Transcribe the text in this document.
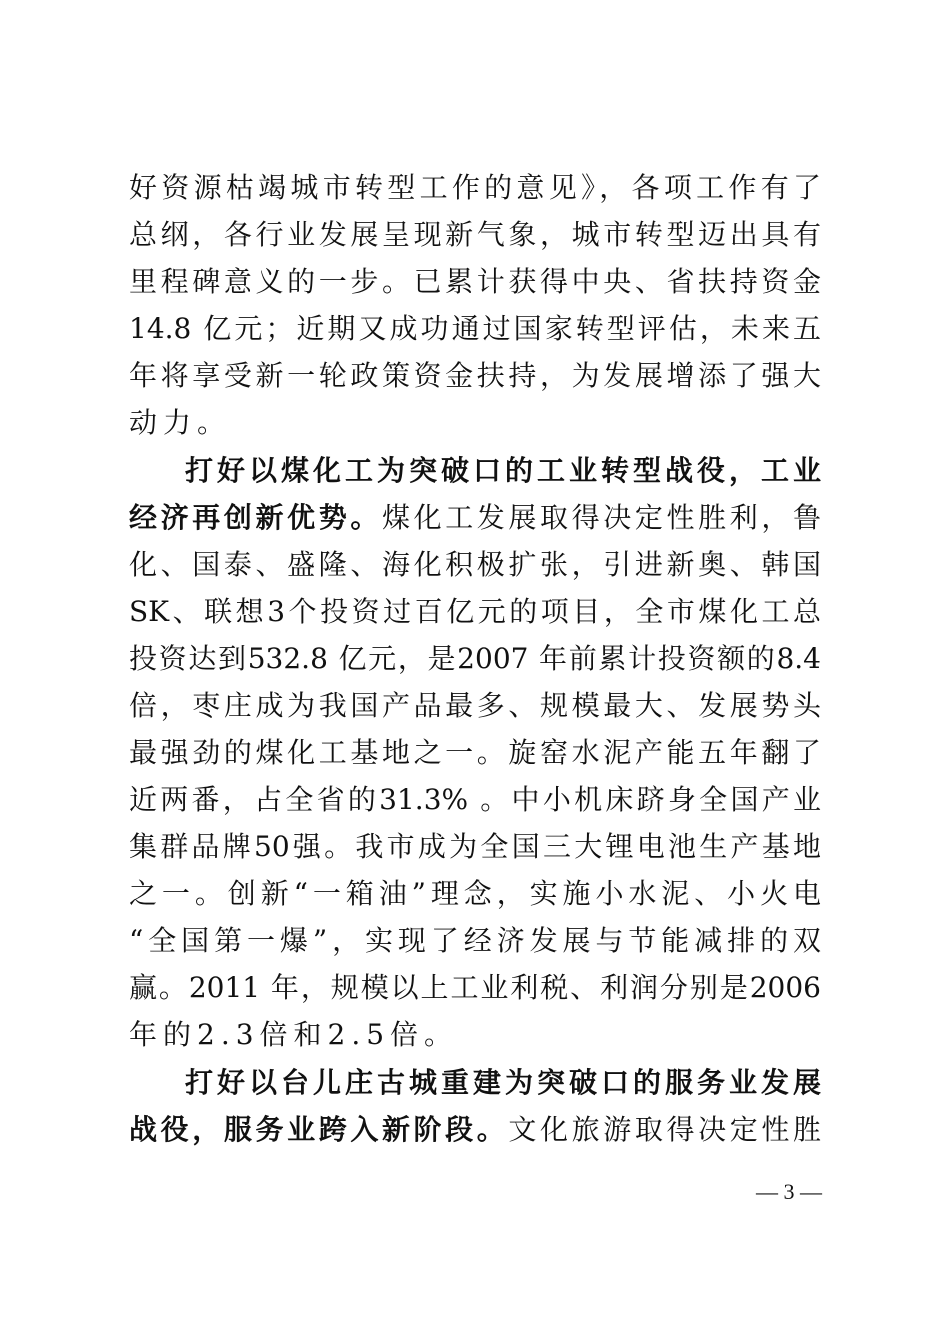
好资源枯竭城市转型工作的意见》，各项工作有了
总纲，各行业发展呈现新气象，城市转型迈出具有
里程碑意义的一步。已累计获得中央、省扶持资金
14.8 亿元；近期又成功通过国家转型评估，未来五
年将享受新一轮政策资金扶持，为发展增添了强大
动力。
打好以煤化工为突破口的工业转型战役，工业
经济再创新优势。煤化工发展取得决定性胜利，鲁
化、国泰、盛隆、海化积极扩张，引进新奥、韩国
SK、联想3个投资过百亿元的项目，全市煤化工总
投资达到532.8 亿元，是2007 年前累计投资额的8.4
倍，枣庄成为我国产品最多、规模最大、发展势头
最强劲的煤化工基地之一。旋窑水泥产能五年翻了
近两番，占全省的31.3% 。中小机床跻身全国产业
集群品牌50强。我市成为全国三大锂电池生产基地
之一。创新“一箱油”理念，实施小水泥、小火电
“全国第一爆”，实现了经济发展与节能减排的双
赢。2011 年，规模以上工业利税、利润分别是2006
年的2.3倍和2.5倍。
打好以台儿庄古城重建为突破口的服务业发展
战役，服务业跨入新阶段。文化旅游取得决定性胜
— 3 —
